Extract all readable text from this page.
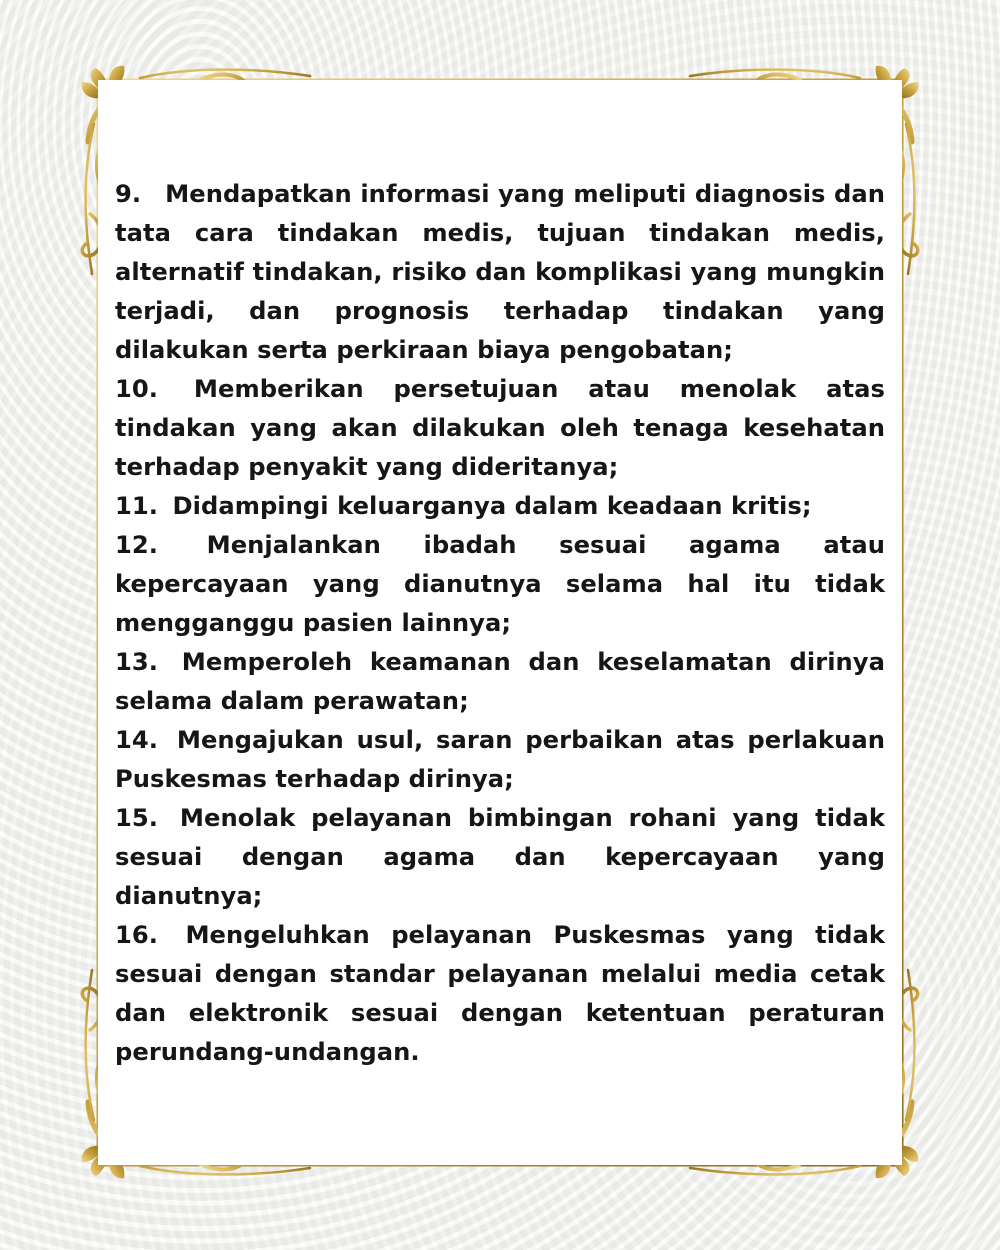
9. Mendapatkan informasi yang meliputi diagnosis dan tata cara tindakan medis, tujuan tindakan medis, alternatif tindakan, risiko dan komplikasi yang mungkin terjadi, dan prognosis terhadap tindakan yang dilakukan serta perkiraan biaya pengobatan;
10. Memberikan persetujuan atau menolak atas tindakan yang akan dilakukan oleh tenaga kesehatan terhadap penyakit yang dideritanya;
11. Didampingi keluarganya dalam keadaan kritis;
12. Menjalankan ibadah sesuai agama atau kepercayaan yang dianutnya selama hal itu tidak mengganggu pasien lainnya;
13. Memperoleh keamanan dan keselamatan dirinya selama dalam perawatan;
14. Mengajukan usul, saran perbaikan atas perlakuan Puskesmas terhadap dirinya;
15. Menolak pelayanan bimbingan rohani yang tidak sesuai dengan agama dan kepercayaan yang dianutnya;
16. Mengeluhkan pelayanan Puskesmas yang tidak sesuai dengan standar pelayanan melalui media cetak dan elektronik sesuai dengan ketentuan peraturan perundang-undangan.
